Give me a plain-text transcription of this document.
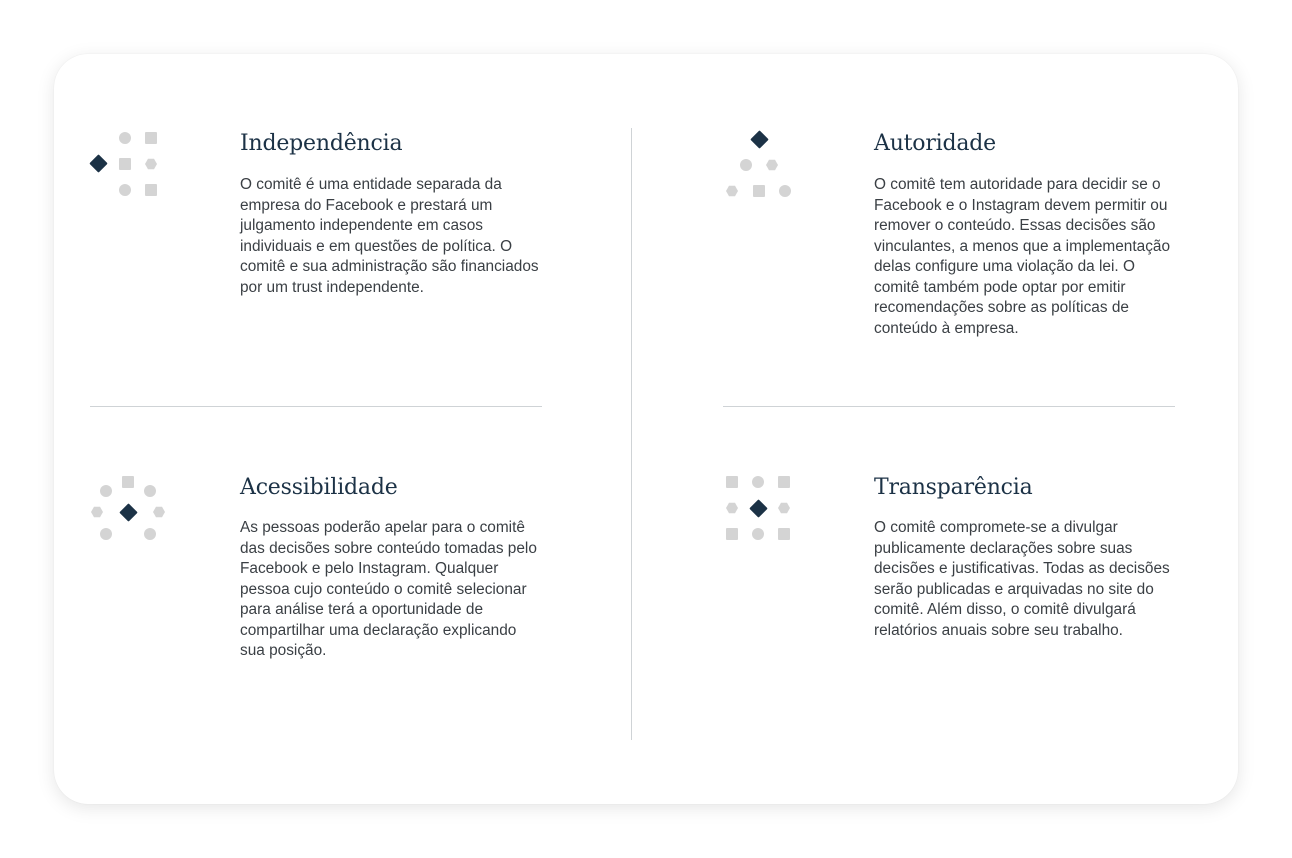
Independência

O comitê é uma entidade separada da empresa do Facebook e prestará um julgamento independente em casos individuais e em questões de política. O comitê e sua administração são financiados por um trust independente.

Autoridade

O comitê tem autoridade para decidir se o Facebook e o Instagram devem permitir ou remover o conteúdo. Essas decisões são vinculantes, a menos que a implementação delas configure uma violação da lei. O comitê também pode optar por emitir recomendações sobre as políticas de conteúdo à empresa.

Acessibilidade

As pessoas poderão apelar para o comitê das decisões sobre conteúdo tomadas pelo Facebook e pelo Instagram. Qualquer pessoa cujo conteúdo o comitê selecionar para análise terá a oportunidade de compartilhar uma declaração explicando sua posição.

Transparência

O comitê compromete-se a divulgar publicamente declarações sobre suas decisões e justificativas. Todas as decisões serão publicadas e arquivadas no site do comitê. Além disso, o comitê divulgará relatórios anuais sobre seu trabalho.
